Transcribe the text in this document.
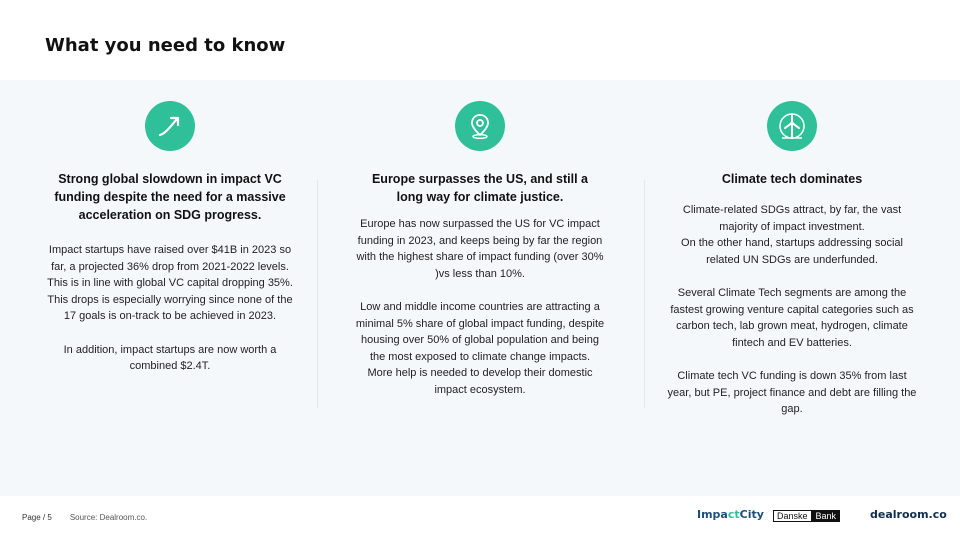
What you need to know
Strong global slowdown in impact VC funding despite the need for a massive acceleration on SDG progress.
Impact startups have raised over $41B in 2023 so far, a projected 36% drop from 2021-2022 levels. This is in line with global VC capital dropping 35%.
This drops is especially worrying since none of the 17 goals is on-track to be achieved in 2023.

In addition, impact startups are now worth a combined $2.4T.
Europe surpasses the US, and still a long way for climate justice.
Europe has now surpassed the US for VC impact funding in 2023, and keeps being by far the region with the highest share of impact funding (over 30% )vs less than 10%.

Low and middle income countries are attracting a minimal 5% share of global impact funding, despite housing over 50% of global population and being the most exposed to climate change impacts.
More help is needed to develop their domestic impact ecosystem.
Climate tech dominates
Climate-related SDGs attract, by far, the vast majority of impact investment.
On the other hand, startups addressing social related UN SDGs are underfunded.

Several Climate Tech segments are among the fastest growing venture capital categories such as carbon tech, lab grown meat, hydrogen, climate fintech and EV batteries.

Climate tech VC funding is down 35% from last year, but PE, project finance and debt are filling the gap.
Page / 5 Source: Dealroom.co.	Impa ct City	Danske Bank	dealroom.co
